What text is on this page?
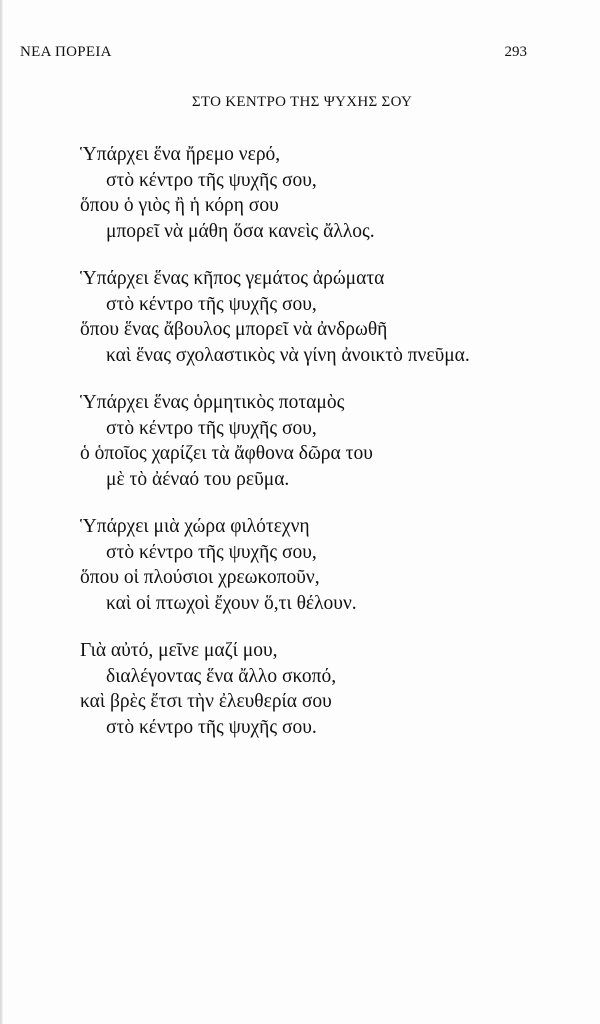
ΝΕΑ ΠΟΡΕΙΑ	293
ΣΤΟ ΚΕΝΤΡΟ ΤΗΣ ΨΥΧΗΣ ΣΟΥ

Ὑπάρχει ἕνα ἤρεμο νερό,
στὸ κέντρο τῆς ψυχῆς σου,
ὅπου ὁ γιὸς ἢ ἡ κόρη σου
μπορεῖ νὰ μάθη ὅσα κανεὶς ἄλλος.

Ὑπάρχει ἕνας κῆπος γεμάτος ἀρώματα
στὸ κέντρο τῆς ψυχῆς σου,
ὅπου ἕνας ἄβουλος μπορεῖ νὰ ἀνδρωθῆ
καὶ ἕνας σχολαστικὸς νὰ γίνη ἀνοικτὸ πνεῦμα.

Ὑπάρχει ἕνας ὁρμητικὸς ποταμὸς
στὸ κέντρο τῆς ψυχῆς σου,
ὁ ὁποῖος χαρίζει τὰ ἄφθονα δῶρα του
μὲ τὸ ἀέναό του ρεῦμα.

Ὑπάρχει μιὰ χώρα φιλότεχνη
στὸ κέντρο τῆς ψυχῆς σου,
ὅπου οἱ πλούσιοι χρεωκοποῦν,
καὶ οἱ πτωχοὶ ἔχουν ὅ,τι θέλουν.

Γιὰ αὐτό, μεῖνε μαζί μου,
διαλέγοντας ἕνα ἄλλο σκοπό,
καὶ βρὲς ἔτσι τὴν ἐλευθερία σου
στὸ κέντρο τῆς ψυχῆς σου.
